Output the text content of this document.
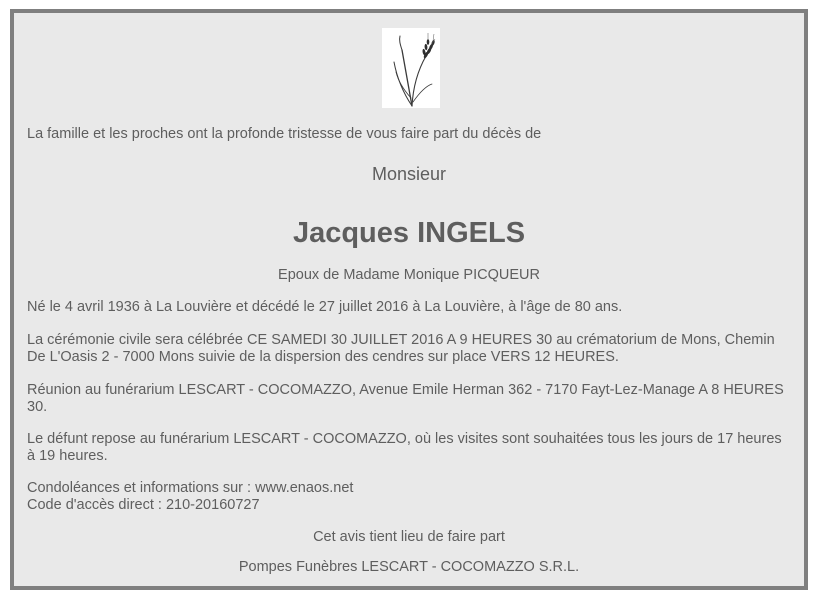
La famille et les proches ont la profonde tristesse de vous faire part du décès de
Monsieur
Jacques INGELS
Epoux de Madame Monique PICQUEUR
Né le 4 avril 1936 à La Louvière et décédé le 27 juillet 2016 à La Louvière, à l'âge de 80 ans.
La cérémonie civile sera célébrée CE SAMEDI 30 JUILLET 2016 A 9 HEURES 30 au crématorium de Mons, Chemin De L'Oasis 2 - 7000 Mons suivie de la dispersion des cendres sur place VERS 12 HEURES.
Réunion au funérarium LESCART - COCOMAZZO, Avenue Emile Herman 362 - 7170 Fayt-Lez-Manage A 8 HEURES 30.
Le défunt repose au funérarium LESCART - COCOMAZZO, où les visites sont souhaitées tous les jours de 17 heures à 19 heures.
Condoléances et informations sur : www.enaos.net
Code d'accès direct : 210-20160727
Cet avis tient lieu de faire part
Pompes Funèbres LESCART - COCOMAZZO S.R.L.
